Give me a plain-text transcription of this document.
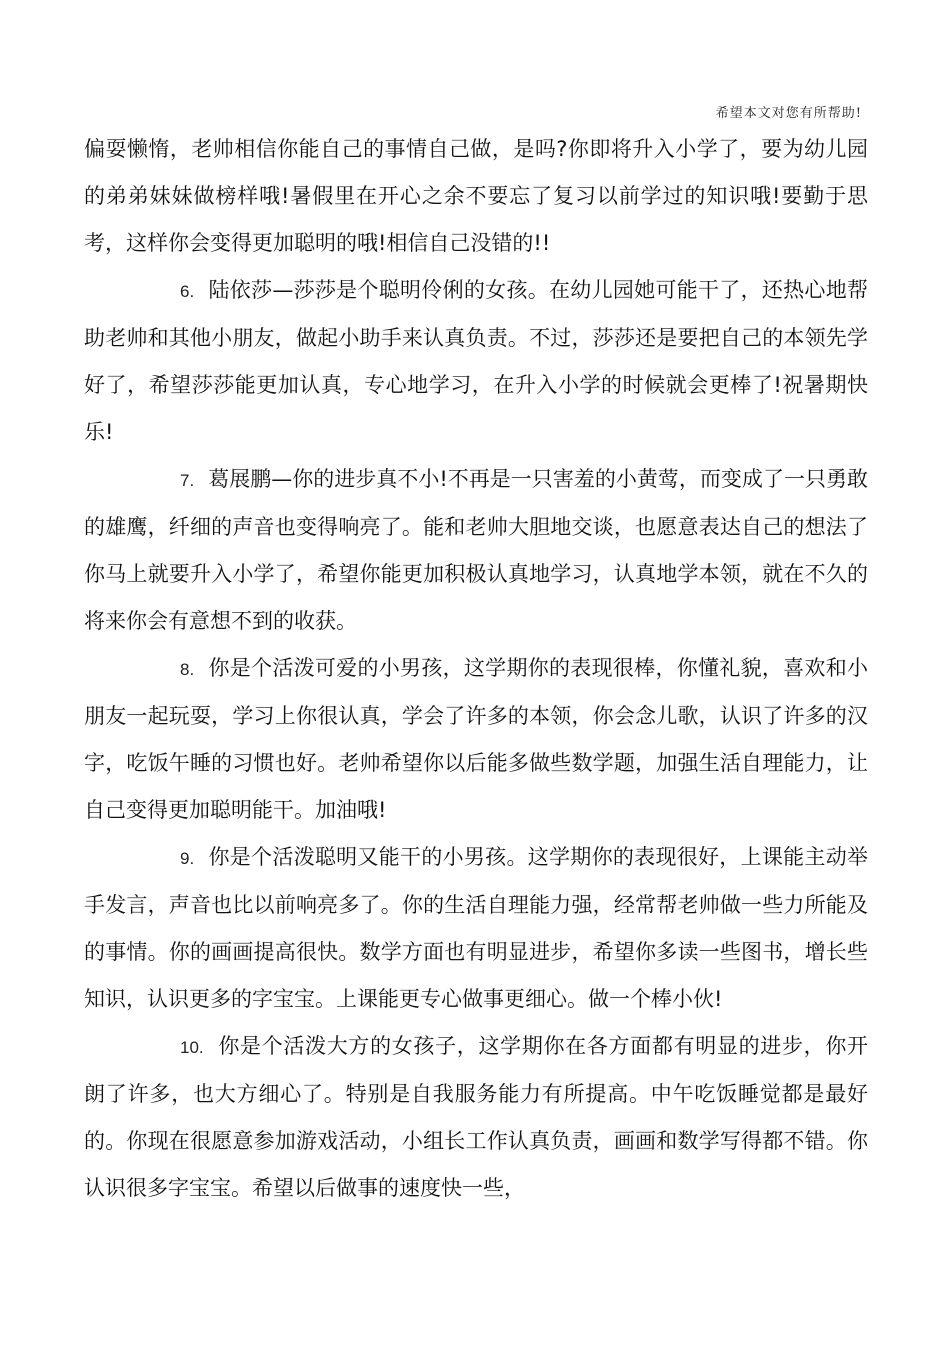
希望本文对您有所帮助!

偏耍懒惰，老帅相信你能自己的事情自己做，是吗?你即将升入小学了，要为幼儿园的弟弟妹妹做榜样哦!暑假里在开心之余不要忘了复习以前学过的知识哦!要勤于思考，这样你会变得更加聪明的哦!相信自己没错的!!

6. 陆依莎—莎莎是个聪明伶俐的女孩。在幼儿园她可能干了，还热心地帮助老帅和其他小朋友，做起小助手来认真负责。不过，莎莎还是要把自己的本领先学好了，希望莎莎能更加认真，专心地学习，在升入小学的时候就会更棒了!祝暑期快乐!

7. 葛展鹏—你的进步真不小!不再是一只害羞的小黄莺，而变成了一只勇敢的雄鹰，纤细的声音也变得响亮了。能和老帅大胆地交谈，也愿意表达自己的想法了你马上就要升入小学了，希望你能更加积极认真地学习，认真地学本领，就在不久的将来你会有意想不到的收获。

8. 你是个活泼可爱的小男孩，这学期你的表现很棒，你懂礼貌，喜欢和小朋友一起玩耍，学习上你很认真，学会了许多的本领，你会念儿歌，认识了许多的汉字，吃饭午睡的习惯也好。老帅希望你以后能多做些数学题，加强生活自理能力，让自己变得更加聪明能干。加油哦!

9. 你是个活泼聪明又能干的小男孩。这学期你的表现很好，上课能主动举手发言，声音也比以前响亮多了。你的生活自理能力强，经常帮老帅做一些力所能及的事情。你的画画提高很快。数学方面也有明显进步，希望你多读一些图书，增长些知识，认识更多的字宝宝。上课能更专心做事更细心。做一个棒小伙!

10. 你是个活泼大方的女孩子，这学期你在各方面都有明显的进步，你开朗了许多，也大方细心了。特别是自我服务能力有所提高。中午吃饭睡觉都是最好的。你现在很愿意参加游戏活动，小组长工作认真负责，画画和数学写得都不错。你认识很多字宝宝。希望以后做事的速度快一些，
